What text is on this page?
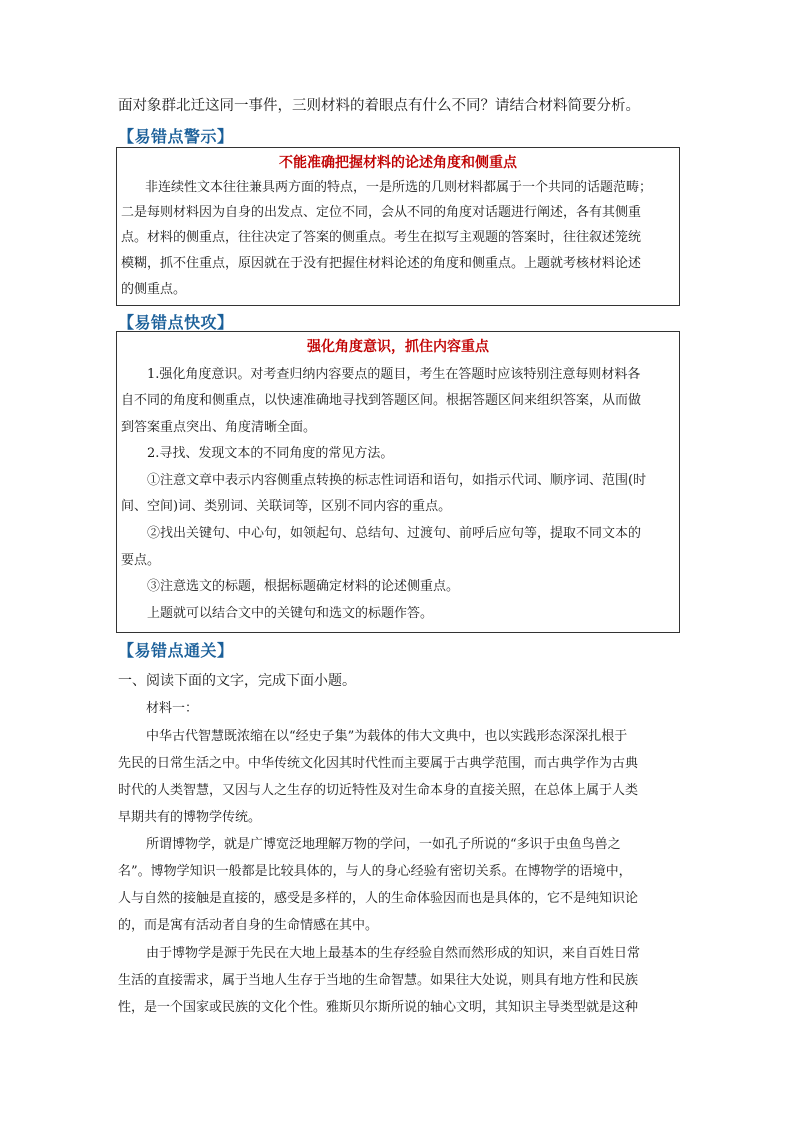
面对象群北迁这同一事件，三则材料的着眼点有什么不同？请结合材料简要分析。
【易错点警示】
不能准确把握材料的论述角度和侧重点
非连续性文本往往兼具两方面的特点，一是所选的几则材料都属于一个共同的话题范畴；
二是每则材料因为自身的出发点、定位不同，会从不同的角度对话题进行阐述，各有其侧重
点。材料的侧重点，往往决定了答案的侧重点。考生在拟写主观题的答案时，往往叙述笼统
模糊，抓不住重点，原因就在于没有把握住材料论述的角度和侧重点。上题就考核材料论述
的侧重点。
【易错点快攻】
强化角度意识，抓住内容重点
1.强化角度意识。对考查归纳内容要点的题目，考生在答题时应该特别注意每则材料各
自不同的角度和侧重点，以快速准确地寻找到答题区间。根据答题区间来组织答案，从而做
到答案重点突出、角度清晰全面。
2.寻找、发现文本的不同角度的常见方法。
①注意文章中表示内容侧重点转换的标志性词语和语句，如指示代词、顺序词、范围(时
间、空间)词、类别词、关联词等，区别不同内容的重点。
②找出关键句、中心句，如领起句、总结句、过渡句、前呼后应句等，提取不同文本的
要点。
③注意选文的标题，根据标题确定材料的论述侧重点。
上题就可以结合文中的关键句和选文的标题作答。
【易错点通关】
一、阅读下面的文字，完成下面小题。
材料一：
中华古代智慧既浓缩在以“经史子集”为载体的伟大文典中，也以实践形态深深扎根于
先民的日常生活之中。中华传统文化因其时代性而主要属于古典学范围，而古典学作为古典
时代的人类智慧，又因与人之生存的切近特性及对生命本身的直接关照，在总体上属于人类
早期共有的博物学传统。
所谓博物学，就是广博宽泛地理解万物的学问，一如孔子所说的“多识于虫鱼鸟兽之
名”。博物学知识一般都是比较具体的，与人的身心经验有密切关系。在博物学的语境中，
人与自然的接触是直接的，感受是多样的，人的生命体验因而也是具体的，它不是纯知识论
的，而是寓有活动者自身的生命情感在其中。
由于博物学是源于先民在大地上最基本的生存经验自然而然形成的知识，来自百姓日常
生活的直接需求，属于当地人生存于当地的生命智慧。如果往大处说，则具有地方性和民族
性，是一个国家或民族的文化个性。雅斯贝尔斯所说的轴心文明，其知识主导类型就是这种
